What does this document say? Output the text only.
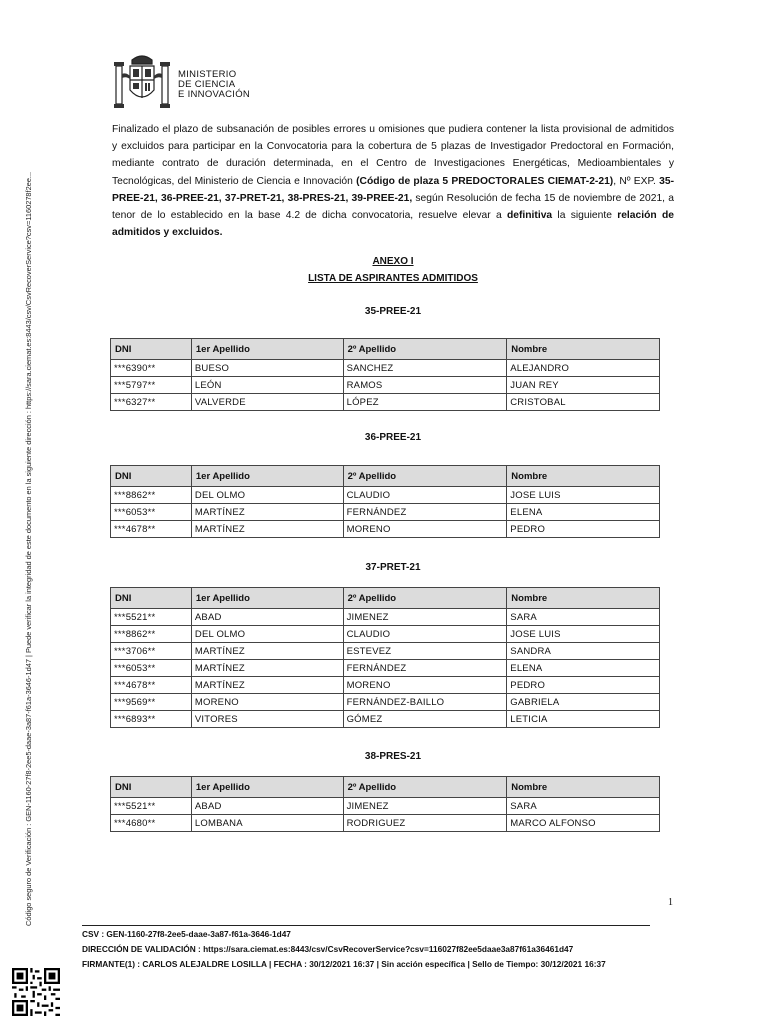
Código seguro de Verificación : GEN-1160-27f8-2ee5-daae-3a87-f61a-3646-1d47 | Puede verificar la integridad de este documento en la siguiente dirección : https://sara.ciemat.es:8443/csv/CsvRecoverService?csv=1160278f2ee...
MINISTERIO
DE CIENCIA
E INNOVACIÓN
Finalizado el plazo de subsanación de posibles errores u omisiones que pudiera contener la lista provisional de admitidos y excluidos para participar en la Convocatoria para la cobertura de 5 plazas de Investigador Predoctoral en Formación, mediante contrato de duración determinada, en el Centro de Investigaciones Energéticas, Medioambientales y Tecnológicas, del Ministerio de Ciencia e Innovación (Código de plaza 5 PREDOCTORALES CIEMAT-2-21), Nº EXP. 35-PREE-21, 36-PREE-21, 37-PRET-21, 38-PRES-21, 39-PREE-21, según Resolución de fecha 15 de noviembre de 2021, a tenor de lo establecido en la base 4.2 de dicha convocatoria, resuelve elevar a definitiva la siguiente relación de admitidos y excluidos.
ANEXO I
LISTA DE ASPIRANTES ADMITIDOS
35-PREE-21
DNI	1er Apellido	2º Apellido	Nombre
***6390**	BUESO	SANCHEZ	ALEJANDRO
***5797**	LEÓN	RAMOS	JUAN REY
***6327**	VALVERDE	LÓPEZ	CRISTOBAL
36-PREE-21
DNI	1er Apellido	2º Apellido	Nombre
***8862**	DEL OLMO	CLAUDIO	JOSE LUIS
***6053**	MARTÍNEZ	FERNÁNDEZ	ELENA
***4678**	MARTÍNEZ	MORENO	PEDRO
37-PRET-21
DNI	1er Apellido	2º Apellido	Nombre
***5521**	ABAD	JIMENEZ	SARA
***8862**	DEL OLMO	CLAUDIO	JOSE LUIS
***3706**	MARTÍNEZ	ESTEVEZ	SANDRA
***6053**	MARTÍNEZ	FERNÁNDEZ	ELENA
***4678**	MARTÍNEZ	MORENO	PEDRO
***9569**	MORENO	FERNÁNDEZ-BAILLO	GABRIELA
***6893**	VITORES	GÓMEZ	LETICIA
38-PRES-21
DNI	1er Apellido	2º Apellido	Nombre
***5521**	ABAD	JIMENEZ	SARA
***4680**	LOMBANA	RODRIGUEZ	MARCO ALFONSO
1
CSV : GEN-1160-27f8-2ee5-daae-3a87-f61a-3646-1d47
DIRECCIÓN DE VALIDACIÓN : https://sara.ciemat.es:8443/csv/CsvRecoverService?csv=116027f82ee5daae3a87f61a36461d47
FIRMANTE(1) : CARLOS ALEJALDRE LOSILLA | FECHA : 30/12/2021 16:37 | Sin acción específica | Sello de Tiempo: 30/12/2021 16:37
